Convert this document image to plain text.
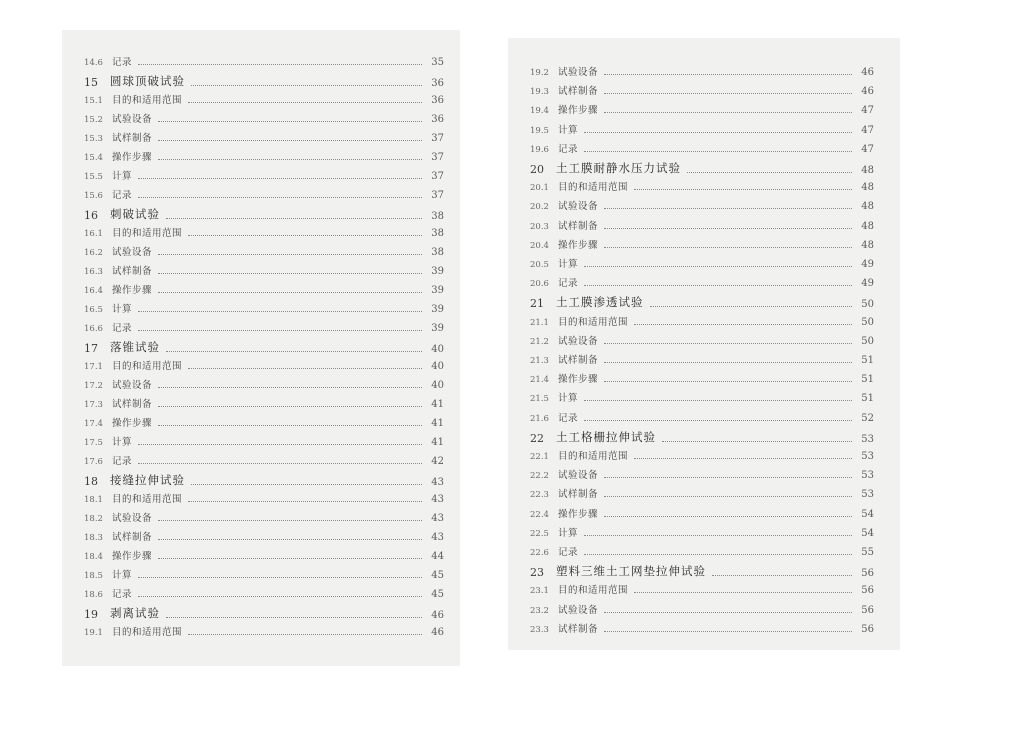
14.6 记录	35
15	圆球顶破试验	36
15.1 目的和适用范围	36
15.2 试验设备	36
15.3 试样制备	37
15.4 操作步骤	37
15.5 计算	37
15.6 记录	37
16	刺破试验	38
16.1 目的和适用范围	38
16.2 试验设备	38
16.3 试样制备	39
16.4 操作步骤	39
16.5 计算	39
16.6 记录	39
17	落锥试验	40
17.1 目的和适用范围	40
17.2 试验设备	40
17.3 试样制备	41
17.4 操作步骤	41
17.5 计算	41
17.6 记录	42
18	接缝拉伸试验	43
18.1 目的和适用范围	43
18.2 试验设备	43
18.3 试样制备	43
18.4 操作步骤	44
18.5 计算	45
18.6 记录	45
19	剥离试验	46
19.1 目的和适用范围	46
19.2 试验设备	46
19.3 试样制备	46
19.4 操作步骤	47
19.5 计算	47
19.6 记录	47
20	土工膜耐静水压力试验	48
20.1 目的和适用范围	48
20.2 试验设备	48
20.3 试样制备	48
20.4 操作步骤	48
20.5 计算	49
20.6 记录	49
21	土工膜渗透试验	50
21.1 目的和适用范围	50
21.2 试验设备	50
21.3 试样制备	51
21.4 操作步骤	51
21.5 计算	51
21.6 记录	52
22	土工格栅拉伸试验	53
22.1 目的和适用范围	53
22.2 试验设备	53
22.3 试样制备	53
22.4 操作步骤	54
22.5 计算	54
22.6 记录	55
23	塑料三维土工网垫拉伸试验	56
23.1 目的和适用范围	56
23.2 试验设备	56
23.3 试样制备	56
